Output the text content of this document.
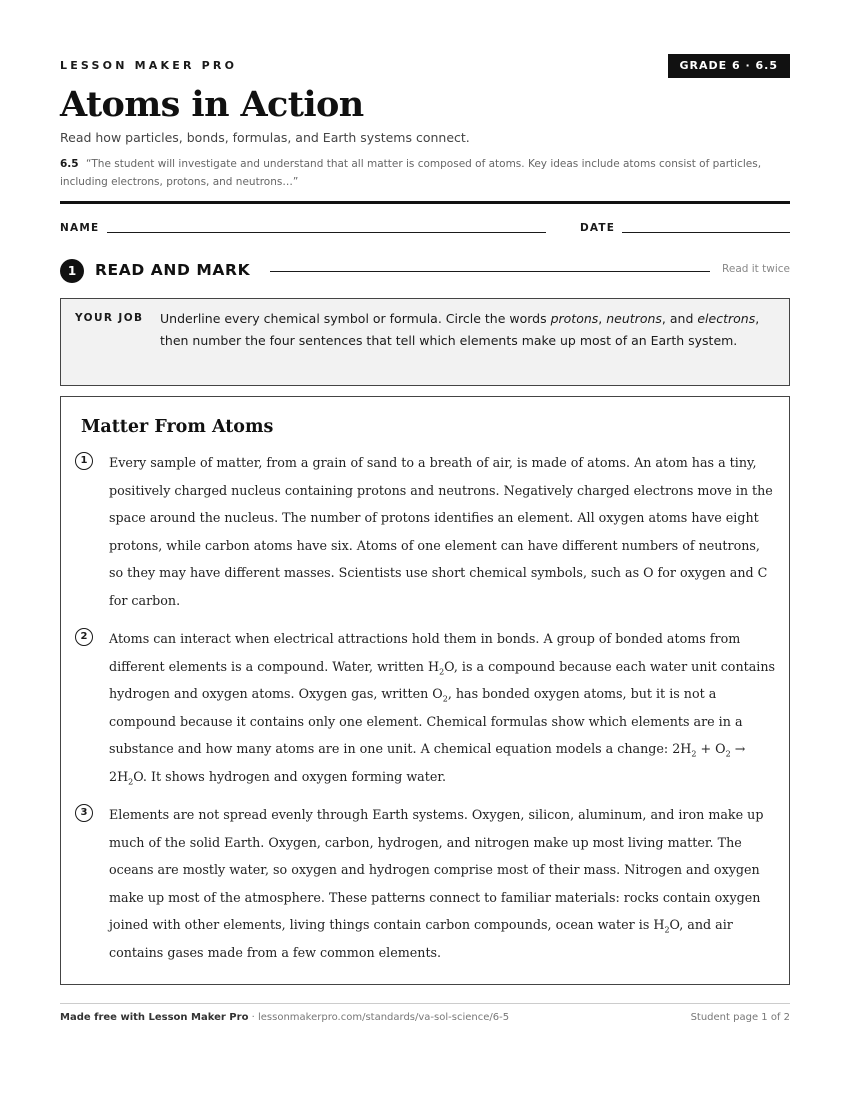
LESSON MAKER PRO	GRADE 6 · 6.5
Atoms in Action
Read how particles, bonds, formulas, and Earth systems connect.
6.5 “The student will investigate and understand that all matter is composed of atoms. Key ideas include atoms consist of particles, including electrons, protons, and neutrons…”
NAME	DATE
1	READ AND MARK	Read it twice
YOUR JOB Underline every chemical symbol or formula. Circle the words protons, neutrons, and electrons, then number the four sentences that tell which elements make up most of an Earth system.
Matter From Atoms
1	Every sample of matter, from a grain of sand to a breath of air, is made of atoms. An atom has a tiny, positively charged nucleus containing protons and neutrons. Negatively charged electrons move in the space around the nucleus. The number of protons identifies an element. All oxygen atoms have eight protons, while carbon atoms have six. Atoms of one element can have different numbers of neutrons, so they may have different masses. Scientists use short chemical symbols, such as O for oxygen and C for carbon.

2	Atoms can interact when electrical attractions hold them in bonds. A group of bonded atoms from different elements is a compound. Water, written $H_2O$, is a compound because each water unit contains hydrogen and oxygen atoms. Oxygen gas, written $O_2$, has bonded oxygen atoms, but it is not a compound because it contains only one element. Chemical formulas show which elements are in a substance and how many atoms are in one unit. A chemical equation models a change: $2H_2 + O_2 \to 2H_2O$. It shows hydrogen and oxygen forming water.

3	Elements are not spread evenly through Earth systems. Oxygen, silicon, aluminum, and iron make up much of the solid Earth. Oxygen, carbon, hydrogen, and nitrogen make up most living matter. The oceans are mostly water, so oxygen and hydrogen comprise most of their mass. Nitrogen and oxygen make up most of the atmosphere. These patterns connect to familiar materials: rocks contain oxygen joined with other elements, living things contain carbon compounds, ocean water is $H_2O$, and air contains gases made from a few common elements.

Made free with Lesson Maker Pro · lessonmakerpro.com/standards/va-sol-science/6-5	Student page 1 of 2
